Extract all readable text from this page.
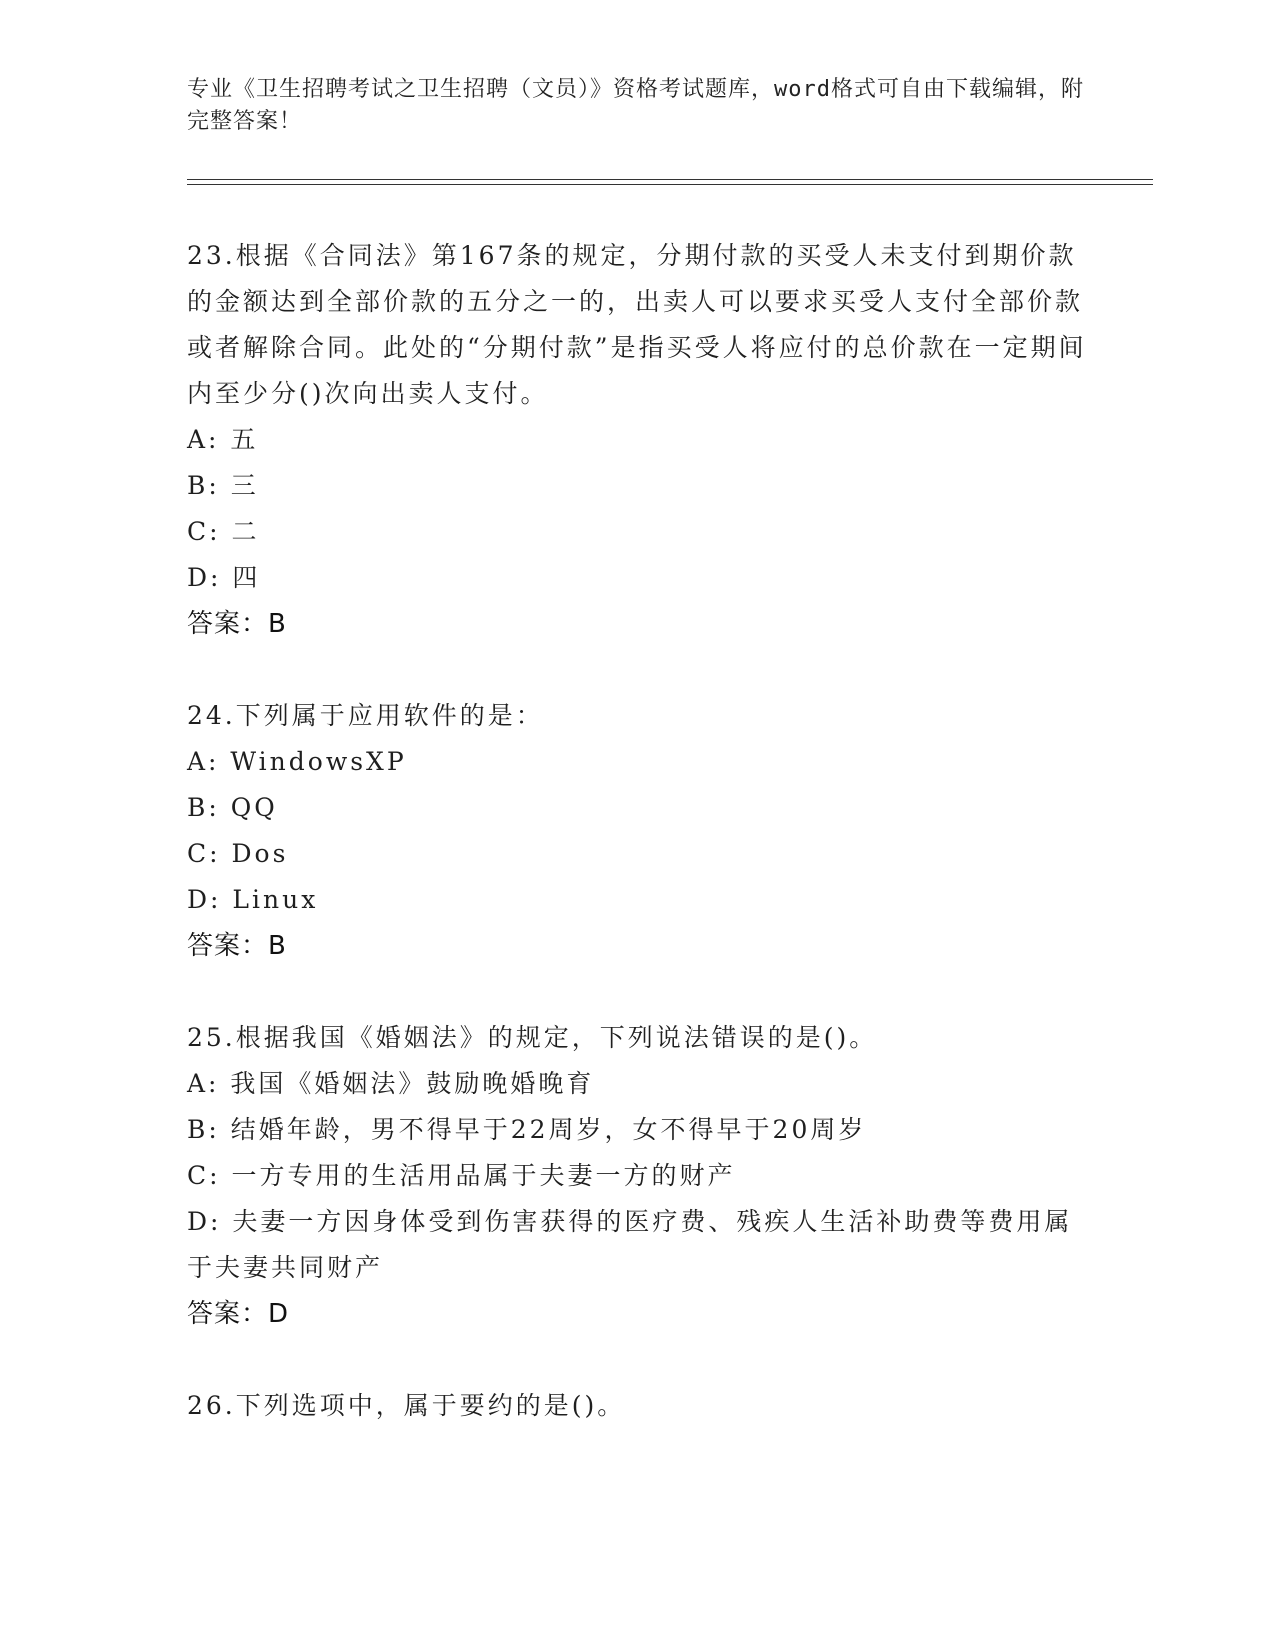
专业《卫生招聘考试之卫生招聘（文员）》资格考试题库，word格式可自由下载编辑，附完整答案！
23.根据《合同法》第167条的规定，分期付款的买受人未支付到期价款的金额达到全部价款的五分之一的，出卖人可以要求买受人支付全部价款或者解除合同。此处的“分期付款”是指买受人将应付的总价款在一定期间内至少分()次向出卖人支付。
A: 五
B: 三
C: 二
D: 四
答案：B
24.下列属于应用软件的是：
A: WindowsXP
B: QQ
C: Dos
D: Linux
答案：B
25.根据我国《婚姻法》的规定，下列说法错误的是()。
A: 我国《婚姻法》鼓励晚婚晚育
B: 结婚年龄，男不得早于22周岁，女不得早于20周岁
C: 一方专用的生活用品属于夫妻一方的财产
D: 夫妻一方因身体受到伤害获得的医疗费、残疾人生活补助费等费用属于夫妻共同财产
答案：D
26.下列选项中，属于要约的是()。
